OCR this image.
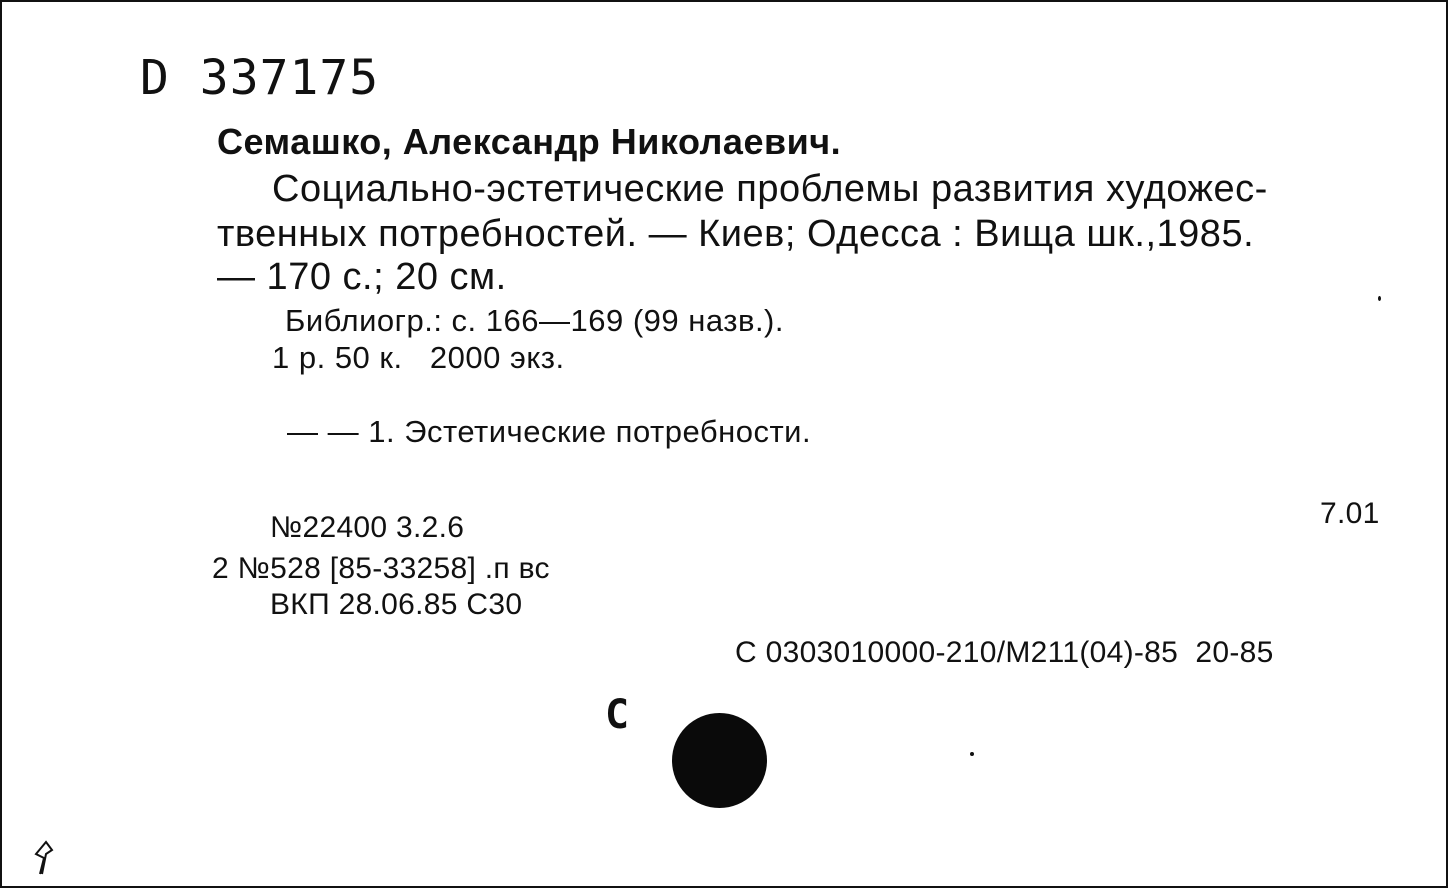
D 337175
Семашко, Александр Николаевич.
Социально-эстетические проблемы развития художес-
твенных потребностей. — Киев; Одесса : Вища шк.,1985.
— 170 с.; 20 см.
Библиогр.: с. 166—169 (99 назв.).
1 р. 50 к.   2000 экз.
— — 1. Эстетические потребности.
№22400 3.2.6
2 №528 [85-33258] .п вс
ВКП 28.06.85 С30
7.01
С 0303010000-210/М211(04)-85  20-85
С
